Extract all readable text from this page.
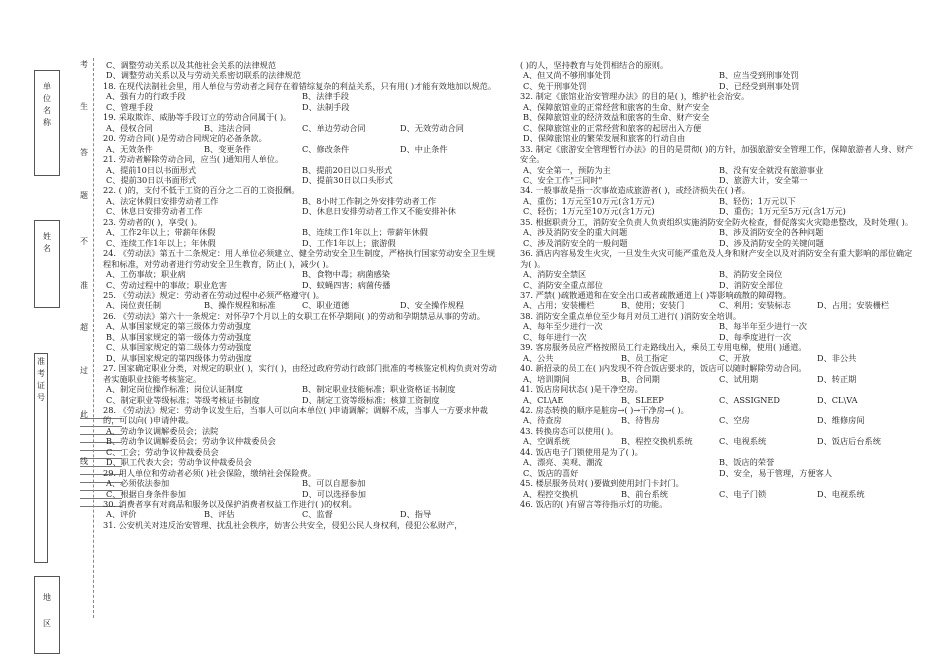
单位名称
姓名
准考证号
地区
考
生
答
题
不
准
超
过
此
线
C、调整劳动关系以及其他社会关系的法律规范
D、调整劳动关系以及与劳动关系密切联系的法律规范
18. 在现代法制社会里，用人单位与劳动者之间存在着错综复杂的利益关系，只有用( )才能有效地加以规范。
A、强有力的行政手段	B、法律手段
C、管理手段	D、法制手段
19. 采取欺诈、威胁等手段订立的劳动合同属于( )。
A、侵权合同	B、违法合同	C、单边劳动合同	D、无效劳动合同
20. 劳动合同( )是劳动合同规定的必备条款。
A、无效条件	B、变更条件	C、修改条件	D、中止条件
21. 劳动者解除劳动合同，应当( )通知用人单位。
A、提前10日以书面形式	B、提前20日以口头形式
C、提前30日以书面形式	D、提前30日以口头形式
22. ( )的，支付不低于工资的百分之二百的工资报酬。
A、法定休假日安排劳动者工作	B、8小时工作制之外安排劳动者工作
C、休息日安排劳动者工作	D、休息日安排劳动者工作又不能安排补休
23. 劳动者的( )，享受( )。
A、工作2年以上；带薪年休假	B、连续工作1年以上；带薪年休假
C、连续工作1年以上；年休假	D、工作1年以上；旅游假
24. 《劳动法》第五十二条规定：用人单位必须建立、健全劳动安全卫生制度，严格执行国家劳动安全卫生规程和标准，对劳动者进行劳动安全卫生教育，防止( )，减少( )。
A、工伤事故；职业病	B、食物中毒；病菌感染
C、劳动过程中的事故；职业危害	D、蚊蝇四害；病菌传播
25. 《劳动法》规定：劳动者在劳动过程中必须严格遵守( )。
A、岗位责任制	B、操作规程和标准	C、职业道德	D、安全操作规程
26. 《劳动法》第六十一条规定：对怀孕7个月以上的女职工在怀孕期间( )的劳动和孕期禁忌从事的劳动。
A、从事国家规定的第三级体力劳动强度
B、从事国家规定的第一级体力劳动强度
C、从事国家规定的第二级体力劳动强度
D、从事国家规定的第四级体力劳动强度
27. 国家确定职业分类，对规定的职业( )，实行( )，由经过政府劳动行政部门批准的考核鉴定机构负责对劳动者实施职业技能考核鉴定。
A、制定岗位操作标准；岗位认证制度	B、制定职业技能标准；职业资格证书制度
C、制定职业等级标准；等级考核证书制度	D、制定工资等级标准；核算工资制度
28. 《劳动法》规定：劳动争议发生后，当事人可以向本单位( )申请调解；调解不成，当事人一方要求仲裁的，可以向( )申请仲裁。
A、劳动争议调解委员会；法院
B、劳动争议调解委员会；劳动争议仲裁委员会
C、工会；劳动争议仲裁委员会
D、职工代表大会；劳动争议仲裁委员会
29. 用人单位和劳动者必须( )社会保险，缴纳社会保险费。
A、必须依法参加	B、可以自愿参加
C、根据自身条件参加	D、可以选择参加
30. 消费者享有对商品和服务以及保护消费者权益工作进行( )的权利。
A、评价	B、评估	C、监督	D、指导
31. 公安机关对违反治安管理、扰乱社会秩序，妨害公共安全，侵犯公民人身权利，侵犯公私财产，
( )的人，坚持教育与处罚相结合的原则。
A、但又尚不够刑事处罚	B、应当受到刑事处罚
C、免于刑事处罚	D、已经受到刑事处罚
32. 制定《旅馆业治安管理办法》的目的是( )，维护社会治安。
A、保障旅馆业的正常经营和旅客的生命、财产安全
B、保障旅馆业的经济效益和旅客的生命、财产安全
C、保障旅馆业的正常经营和旅客的起居出入方便
D、保障旅馆业的繁荣发展和旅客的行动自由
33. 制定《旅游安全管理暂行办法》的目的是贯彻( )的方针，加强旅游安全管理工作，保障旅游者人身、财产安全。
A、安全第一，预防为主	B、没有安全就没有旅游事业
C、安全工作"三同时"	D、旅游大计，安全第一
34. 一般事故是指一次事故造成旅游者( )，或经济损失在( )者。
A、重伤；1万元至10万元(含1万元)	B、轻伤；1万元以下
C、轻伤；1万元至10万元(含1万元)	D、重伤；1万元至5万元(含1万元)
35. 根据职责分工，消防安全负责人负责组织实施消防安全防火检查，督促落实火灾隐患整改，及时处理( )。
A、涉及消防安全的重大问题	B、涉及消防安全的各种问题
C、涉及消防安全的一般问题	D、涉及消防安全的关键问题
36. 酒店内容易发生火灾，一旦发生火灾可能严重危及人身和财产安全以及对消防安全有重大影响的部位确定为( )。
A、消防安全禁区	B、消防安全岗位
C、消防安全重点部位	D、消防安全部位
37. 严禁( )疏散通道和在安全出口或者疏散通道上( )等影响疏散的障碍物。
A、占用；安装栅栏	B、使用；安装门	C、利用；安装标志	D、占用；安装栅栏
38. 消防安全重点单位至少每月对员工进行( )消防安全培训。
A、每年至少进行一次	B、每半年至少进行一次
C、每年进行一次	D、每季度进行一次
39. 客房服务员应严格按照员工行走路线出入，乘员工专用电梯，使用( )通道。
A、公共	B、员工指定	C、开放	D、非公共
40. 新招录的员工在( )内发现不符合饭店要求的，饭店可以随时解除劳动合同。
A、培训期间	B、合同期	C、试用期	D、转正期
41. 饭店房间状态( )是干净空房。
A、CL\AE	B、SLEEP	C、ASSIGNED	D、CL\VA
42. 房态转换的顺序是脏房→( )→干净房→( )。
A、待查房	B、待售房	C、空房	D、维修房间
43. 转换房态可以使用( )。
A、空调系统	B、程控交换机系统	C、电视系统	D、饭店后台系统
44. 饭店电子门锁使用是为了( )。
A、漂亮、美观、潮流	B、饭店的荣誉
C、饭店的喜好	D、安全，易于管理，方便客人
45. 楼层服务员对( )要做到使用封门卡封门。
A、程控交换机	B、前台系统	C、电子门锁	D、电视系统
46. 饭店的( )有留言等待指示灯的功能。
